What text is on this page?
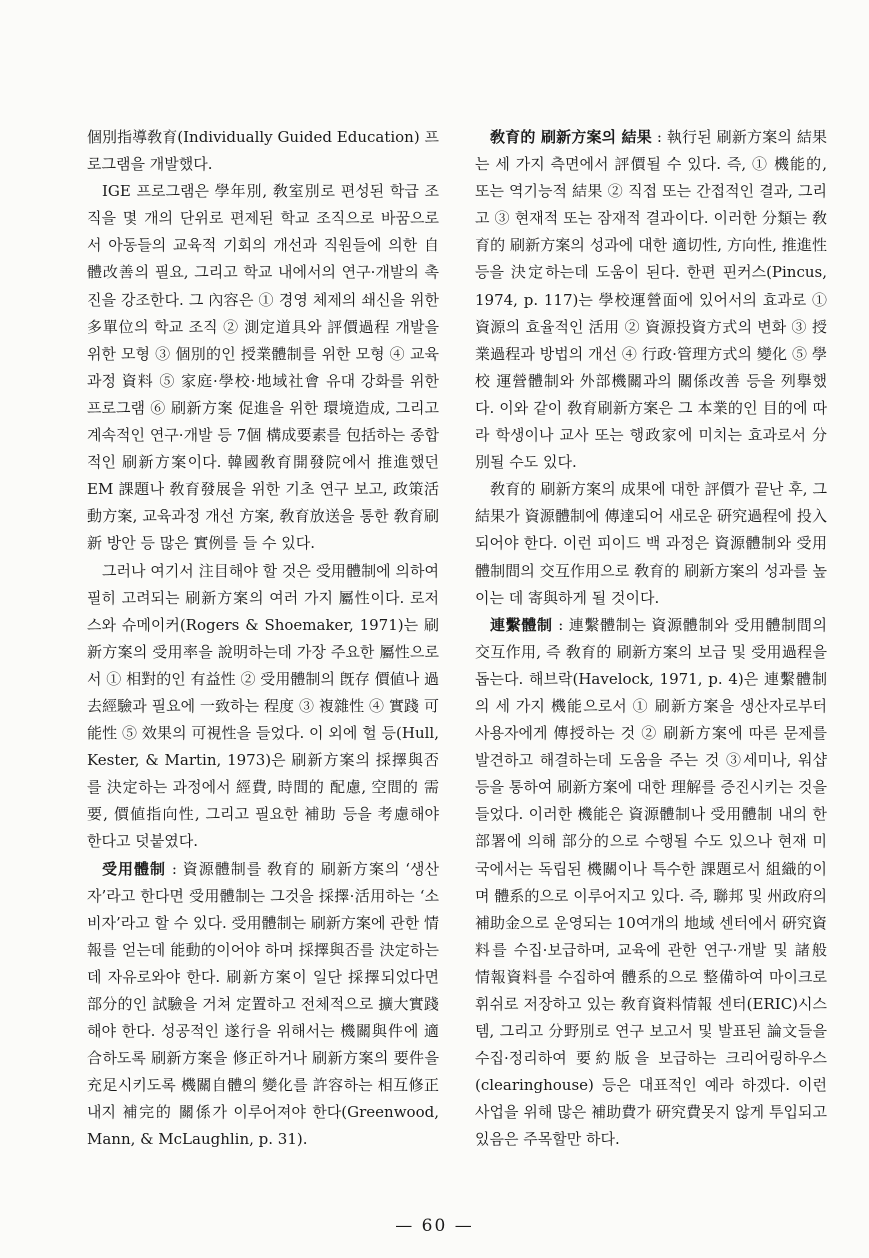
個別指導敎育(Individually Guided Education) 프로그램을 개발했다.

IGE 프로그램은 學年別, 敎室別로 편성된 학급 조직을 몇 개의 단위로 편제된 학교 조직으로 바꿈으로서 아동들의 교육적 기회의 개선과 직원들에 의한 自體改善의 필요, 그리고 학교 내에서의 연구·개발의 촉진을 강조한다. 그 內容은 ① 경영 체제의 쇄신을 위한 多單位의 학교 조직 ② 測定道具와 評價過程 개발을 위한 모형 ③ 個別的인 授業體制를 위한 모형 ④ 교육과정 資料 ⑤ 家庭·學校·地域社會 유대 강화를 위한 프로그램 ⑥ 刷新方案 促進을 위한 環境造成, 그리고 계속적인 연구·개발 등 7個 構成要素를 包括하는 종합적인 刷新方案이다. 韓國敎育開發院에서 推進했던 EM 課題나 敎育發展을 위한 기초 연구 보고, 政策活動方案, 교육과정 개선 方案, 敎育放送을 통한 敎育刷新 방안 등 많은 實例를 들 수 있다.

그러나 여기서 注目해야 할 것은 受用體制에 의하여 필히 고려되는 刷新方案의 여러 가지 屬性이다. 로저스와 슈메이커(Rogers & Shoemaker, 1971)는 刷新方案의 受用率을 說明하는데 가장 주요한 屬性으로서 ① 相對的인 有益性 ② 受用體制의 旣存 價値나 過去經驗과 필요에 一致하는 程度 ③ 複雜性 ④ 實踐 可能性 ⑤ 效果의 可視性을 들었다. 이 외에 헐 등(Hull, Kester, & Martin, 1973)은 刷新方案의 採擇與否를 決定하는 과정에서 經費, 時間的 配慮, 空間的 需要, 價値指向性, 그리고 필요한 補助 등을 考慮해야 한다고 덧붙였다.

受用體制 : 資源體制를 敎育的 刷新方案의 ‘생산자’라고 한다면 受用體制는 그것을 採擇·活用하는 ‘소비자’라고 할 수 있다. 受用體制는 刷新方案에 관한 情報를 얻는데 能動的이어야 하며 採擇與否를 決定하는데 자유로와야 한다. 刷新方案이 일단 採擇되었다면 部分的인 試驗을 거쳐 定置하고 전체적으로 擴大實踐해야 한다. 성공적인 遂行을 위해서는 機關與件에 適合하도록 刷新方案을 修正하거나 刷新方案의 要件을 充足시키도록 機關自體의 變化를 許容하는 相互修正 내지 補完的 關係가 이루어져야 한다(Greenwood, Mann, & McLaughlin, p. 31).

敎育的 刷新方案의 結果 : 執行된 刷新方案의 結果는 세 가지 측면에서 評價될 수 있다. 즉, ① 機能的, 또는 역기능적 結果 ② 직접 또는 간접적인 결과, 그리고 ③ 현재적 또는 잠재적 결과이다. 이러한 分類는 敎育的 刷新方案의 성과에 대한 適切性, 方向性, 推進性 등을 決定하는데 도움이 된다. 한편 핀커스(Pincus, 1974, p. 117)는 學校運營面에 있어서의 효과로 ①資源의 효율적인 活用 ② 資源投資方式의 변화 ③ 授業過程과 방법의 개선 ④ 行政·管理方式의 變化 ⑤ 學校 運營體制와 外部機關과의 關係改善 등을 列擧했다. 이와 같이 敎育刷新方案은 그 本業的인 目的에 따라 학생이나 교사 또는 행政家에 미치는 효과로서 分別될 수도 있다.

敎育的 刷新方案의 成果에 대한 評價가 끝난 후, 그 結果가 資源體制에 傳達되어 새로운 硏究過程에 投入되어야 한다. 이런 피이드 백 과정은 資源體制와 受用體制間의 交互作用으로 敎育的 刷新方案의 성과를 높이는 데 寄與하게 될 것이다.

連繫體制 : 連繫體制는 資源體制와 受用體制間의 交互作用, 즉 敎育的 刷新方案의 보급 및 受用過程을 돕는다. 해브락(Havelock, 1971, p. 4)은 連繫體制의 세 가지 機能으로서 ① 刷新方案을 생산자로부터 사용자에게 傳授하는 것 ② 刷新方案에 따른 문제를 발견하고 해결하는데 도움을 주는 것 ③세미나, 워샵 등을 통하여 刷新方案에 대한 理解를 증진시키는 것을 들었다. 이러한 機能은 資源體制나 受用體制 내의 한 部署에 의해 部分的으로 수행될 수도 있으나 현재 미국에서는 독립된 機關이나 특수한 課題로서 組織的이며 體系的으로 이루어지고 있다. 즉, 聯邦 및 州政府의 補助金으로 운영되는 10여개의 地域 센터에서 硏究資料를 수집·보급하며, 교육에 관한 연구·개발 및 諸般 情報資料를 수집하여 體系的으로 整備하여 마이크로 휘쉬로 저장하고 있는 敎育資料情報 센터(ERIC)시스템, 그리고 分野別로 연구 보고서 및 발표된 論文들을 수집·정리하여 要約版을 보급하는 크리어링하우스(clearinghouse) 등은 대표적인 예라 하겠다. 이런 사업을 위해 많은 補助費가 硏究費못지 않게 투입되고 있음은 주목할만 하다.

— 60 —
